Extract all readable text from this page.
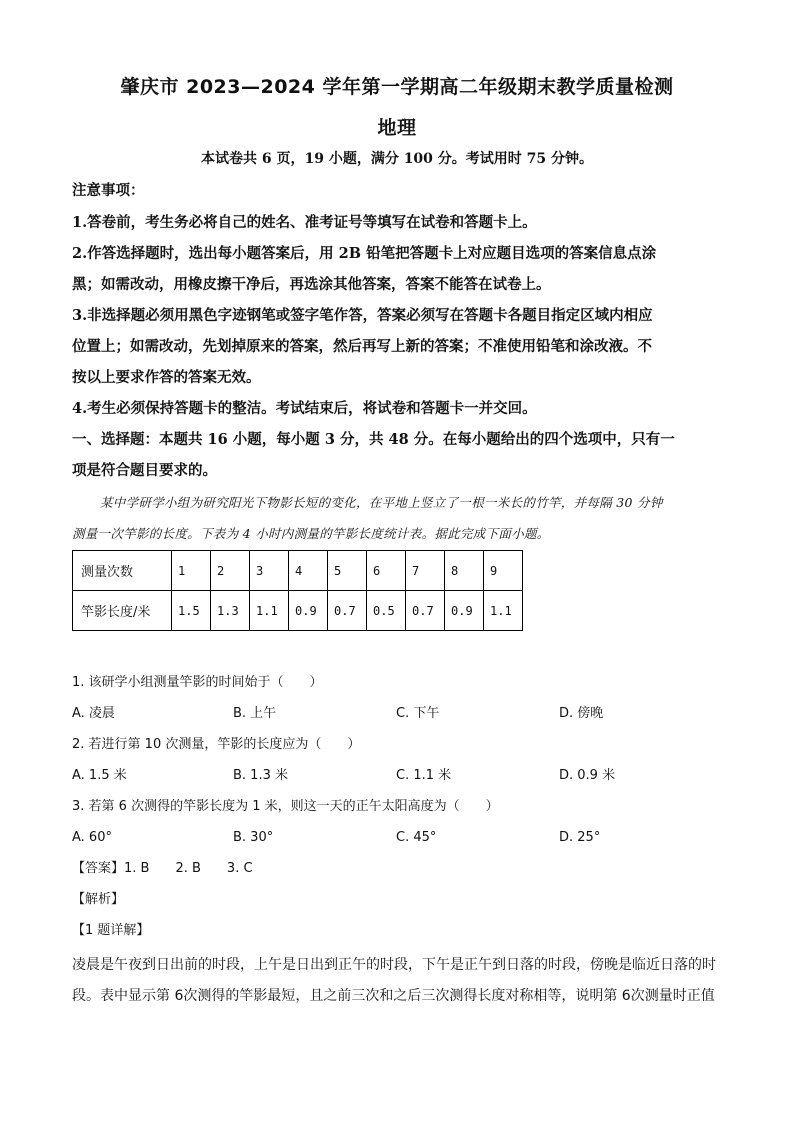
肇庆市 2023—2024 学年第一学期高二年级期末教学质量检测
地理
本试卷共 6 页，19 小题，满分 100 分。考试用时 75 分钟。
注意事项：
1.答卷前，考生务必将自己的姓名、准考证号等填写在试卷和答题卡上。
2.作答选择题时，选出每小题答案后，用 2B 铅笔把答题卡上对应题目选项的答案信息点涂
黑；如需改动，用橡皮擦干净后，再选涂其他答案，答案不能答在试卷上。
3.非选择题必须用黑色字迹钢笔或签字笔作答，答案必须写在答题卡各题目指定区域内相应
位置上；如需改动，先划掉原来的答案，然后再写上新的答案；不准使用铅笔和涂改液。不
按以上要求作答的答案无效。
4.考生必须保持答题卡的整洁。考试结束后，将试卷和答题卡一并交回。
一、选择题：本题共 16 小题，每小题 3 分，共 48 分。在每小题给出的四个选项中，只有一
项是符合题目要求的。
某中学研学小组为研究阳光下物影长短的变化，在平地上竖立了一根一米长的竹竿，并每隔 30 分钟
测量一次竿影的长度。下表为 4 小时内测量的竿影长度统计表。据此完成下面小题。
测量次数	1	2	3	4	5	6	7	8	9
竿影长度/米	1.5	1.3	1.1	0.9	0.7	0.5	0.7	0.9	1.1
1. 该研学小组测量竿影的时间始于（　　）
A. 凌晨	B. 上午	C. 下午	D. 傍晚
2. 若进行第 10 次测量，竿影的长度应为（　　）
A. 1.5 米	B. 1.3 米	C. 1.1 米	D. 0.9 米
3. 若第 6 次测得的竿影长度为 1 米，则这一天的正午太阳高度为（　　）
A. 60°	B. 30°	C. 45°	D. 25°
【答案】1. B　　2. B　　3. C
【解析】
【1 题详解】
凌晨是午夜到日出前的时段，上午是日出到正午的时段，下午是正午到日落的时段，傍晚是临近日落的时
段。表中显示第 6次测得的竿影最短，且之前三次和之后三次测得长度对称相等，说明第 6次测量时正值
